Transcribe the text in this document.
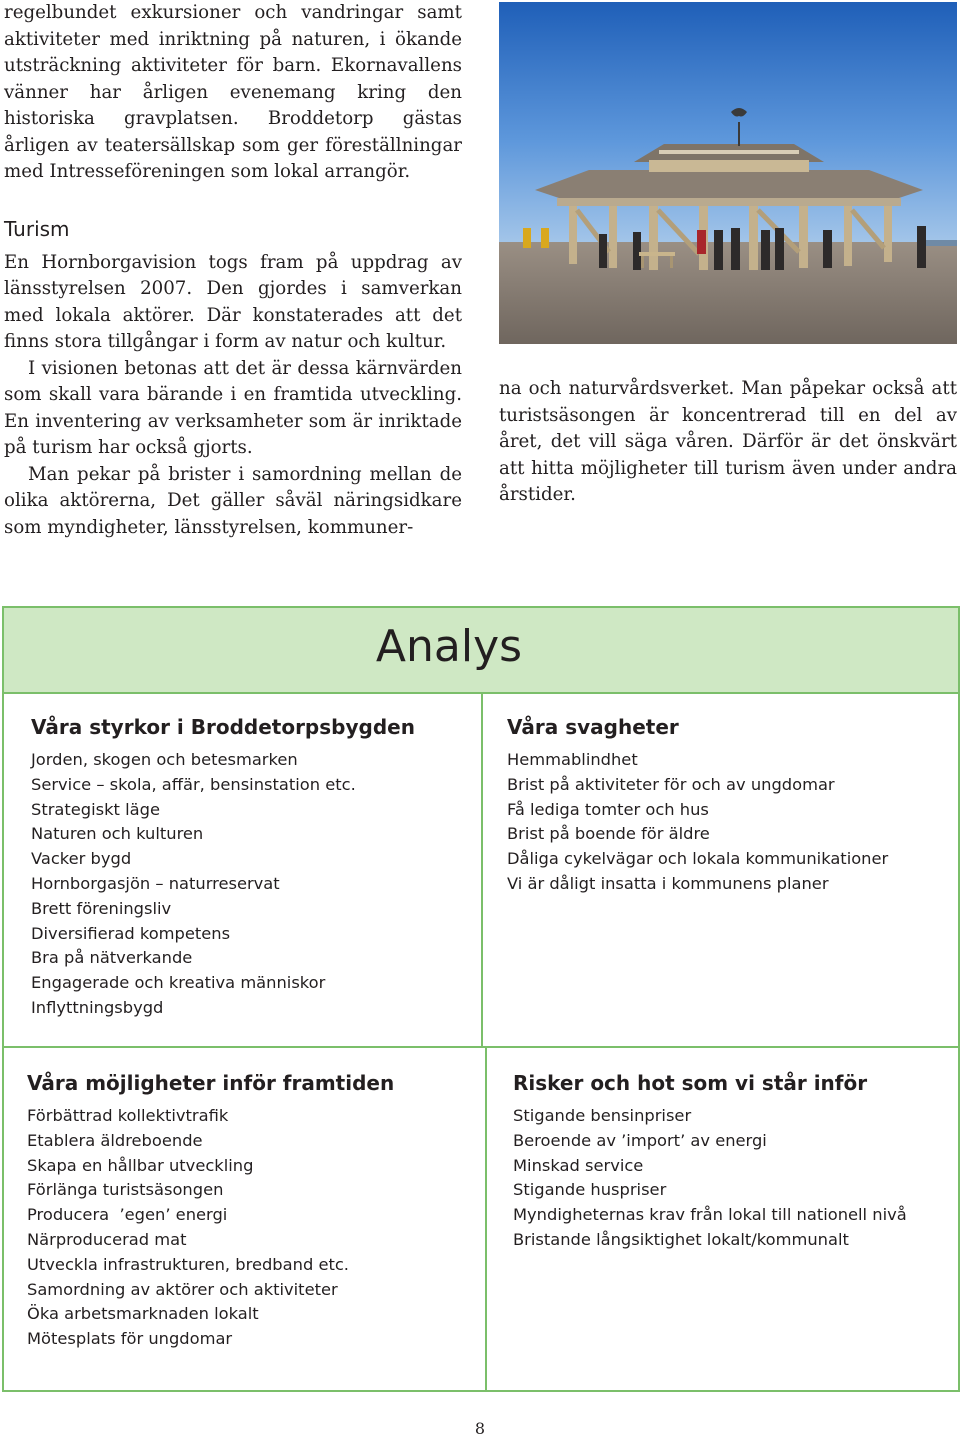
regelbundet exkursioner och vandringar samt aktiviteter med inriktning på naturen, i ökande utsträckning aktiviteter för barn. Ekornavallens vänner har årligen evenemang kring den historiska gravplatsen. Broddetorp gästas årligen av teatersällskap som ger föreställningar med Intresseföreningen som lokal arrangör.

Turism

En Hornborgavision togs fram på uppdrag av länsstyrelsen 2007. Den gjordes i samverkan med lokala aktörer. Där konstaterades att det finns stora tillgångar i form av natur och kultur.

I visionen betonas att det är dessa kärnvärden som skall vara bärande i en framtida utveckling. En inventering av verksamheter som är inriktade på turism har också gjorts.

Man pekar på brister i samordning mellan de olika aktörerna, Det gäller såväl näringsidkare som myndigheter, länsstyrelsen, kommuner-

na och naturvårdsverket. Man påpekar också att turistsäsongen är koncentrerad till en del av året, det vill säga våren. Därför är det önskvärt att hitta möjligheter till turism även under andra årstider.

Analys
Våra styrkor i Broddetorpsbygden
Jorden, skogen och betesmarken
Service – skola, affär, bensinstation etc.
Strategiskt läge
Naturen och kulturen
Vacker bygd
Hornborgasjön – naturreservat
Brett föreningsliv
Diversifierad kompetens
Bra på nätverkande
Engagerade och kreativa människor
Inflyttningsbygd
Våra svagheter
Hemmablindhet
Brist på aktiviteter för och av ungdomar
Få lediga tomter och hus
Brist på boende för äldre
Dåliga cykelvägar och lokala kommunikationer
Vi är dåligt insatta i kommunens planer
Våra möjligheter inför framtiden
Förbättrad kollektivtrafik
Etablera äldreboende
Skapa en hållbar utveckling
Förlänga turistsäsongen
Producera  ’egen’ energi
Närproducerad mat
Utveckla infrastrukturen, bredband etc.
Samordning av aktörer och aktiviteter
Öka arbetsmarknaden lokalt
Mötesplats för ungdomar
Risker och hot som vi står inför
Stigande bensinpriser
Beroende av ’import’ av energi
Minskad service
Stigande huspriser
Myndigheternas krav från lokal till nationell nivå
Bristande långsiktighet lokalt/kommunalt
8
